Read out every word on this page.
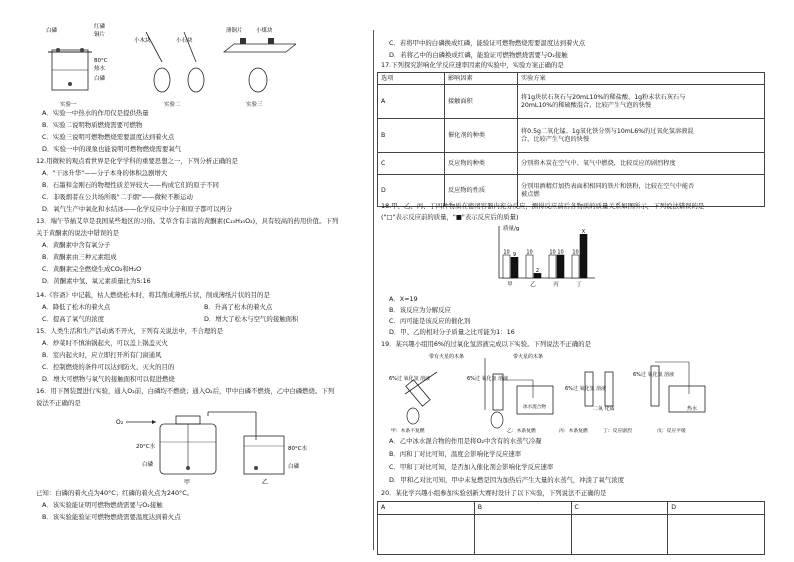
白磷
红磷
铜片
80°C
热水
白磷
小木块	小石块
薄铜片 小煤块
实验一	实验二	实验三
A．实验一中热水的作用仅是提供热量
B．实验二说明物质燃烧需要可燃物
C．实验三说明可燃物燃烧需要温度达到着火点
D．实验一中的现象也能说明可燃物燃烧需要氧气
12.用微粒的观点看世界是化学学科的重要思想之一，下列分析正确的是
A．"干冰升华"——分子本身的体积急剧增大
B．石墨和金刚石的物理性质差异较大——构成它们的原子不同
C．非吸烟者在公共场所吸"二手烟"——微粒不断运动
D．氧气生产中氧化和水结冰——化学反应中分子和原子都可以再分
13．端午节插艾草是我国某些地区的习俗。艾草含有丰富的黄酮素(C₁₅H₁₀O₂)，具有较高的药用价值。下列
关于黄酮素的说法中错误的是
A．黄酮素中含有氧分子
B．黄酮素由三种元素组成
C．黄酮素完全燃烧生成CO₂和H₂O
D．黄酮素中氢、氧元素质量比为5:16
14.《容斋》中记载，枯人燃烧松木时，将其削成薄纸片状，削成薄纸片状的目的是
A．降低了松木的着火点	B．升高了松木的着火点
C．提高了氧气的浓度	D．增大了松木与空气的接触面积
15．人类生活和生产活动离不开火，下列有关说法中，不合理的是
A．炒菜时不慎油锅起火，可以盖上锅盖灭火
B．室内起火时，应立即打开所有门窗通风
C．控制燃烧的条件可以达到防火、灭火的目的
D．增大可燃物与氧气的接触面积可以促进燃烧
16．用下图装置进行实验，通入O₂前，白磷均不燃烧；通入O₂后，甲中白磷不燃烧，乙中白磷燃烧。下列
说法不正确的是
O₂
20°C水
白磷
80°C水
白磷
甲	乙
已知：白磷的着火点为40°C；红磷的着火点为240°C。
A．该实验能证明可燃物燃烧需要与O₂接触
B．该实验能验证可燃物燃烧需要温度达到着火点
C．若将甲中的白磷换成红磷，能验证可燃物燃烧需要温度达到着火点
D．若将乙中的白磷换成红磷，能验证可燃物燃烧需要与O₂接触
17.下列探究影响化学反应速率因素的实验中，实验方案正确的是
选项	影响因素	实验方案
A	接触面积	将1g块状石灰石与20mL10%的稀盐酸、1g粉末状石灰石与
20mL10%的稀硫酸混合，比较产生气泡的快慢
B	催化剂的种类	将0.5g二氧化锰、1g氧化铁分别与10mL6%的过氧化氢溶液混
合，比较产生气泡的快慢
C	反应物的种类	分别将木炭在空气中、氧气中燃烧，比较反应的剧烈程度
D	反应物的性质	分别用酒精灯加热表面积相同的铁片和铁粉，比较在空气中能否
被点燃
18.甲、乙、丙、丁四种物质在密闭容器内充分反应，测得反应前后各物质的质量关系如图所示，下列说法错误的是
("□"表示反应前的质量，"■"表示反应后的质量)
质量/g
10 9 10
2
10 10 10
X
甲	乙	丙	丁
A．X=19
B．该反应为分解反应
C．丙可能是该反应的催化剂
D．甲、乙的相对分子质量之比可能为1：16
19．某兴趣小组用6%的过氧化氢溶液完成以下实验。下列说法不正确的是
带有火星的木条
6%过 氧化氢 溶液
带火星的木条
6%过 氧化氢 溶液
冰水混合物
6%过 氧化氢 溶液
二氧 化锰
6%过 氧化氢 溶液
热水
甲：木条不复燃	乙：木条复燃	丙：木条复燃	丁：反应剧烈	戊：反应平缓
A．乙中冰水混合物的作用是将O₂中含有的水蒸气冷凝
B．丙和丁对比可知，温度会影响化学反应速率
C．甲和丁对比可知，是否加入催化剂会影响化学反应速率
D．甲和乙对比可知，甲中未复燃是因为加热后产生大量的水蒸气，冲淡了氧气浓度
20．某化学兴趣小组参加实验创新大赛时设计了以下实验，下列说法不正确的是
A	B	C	D
